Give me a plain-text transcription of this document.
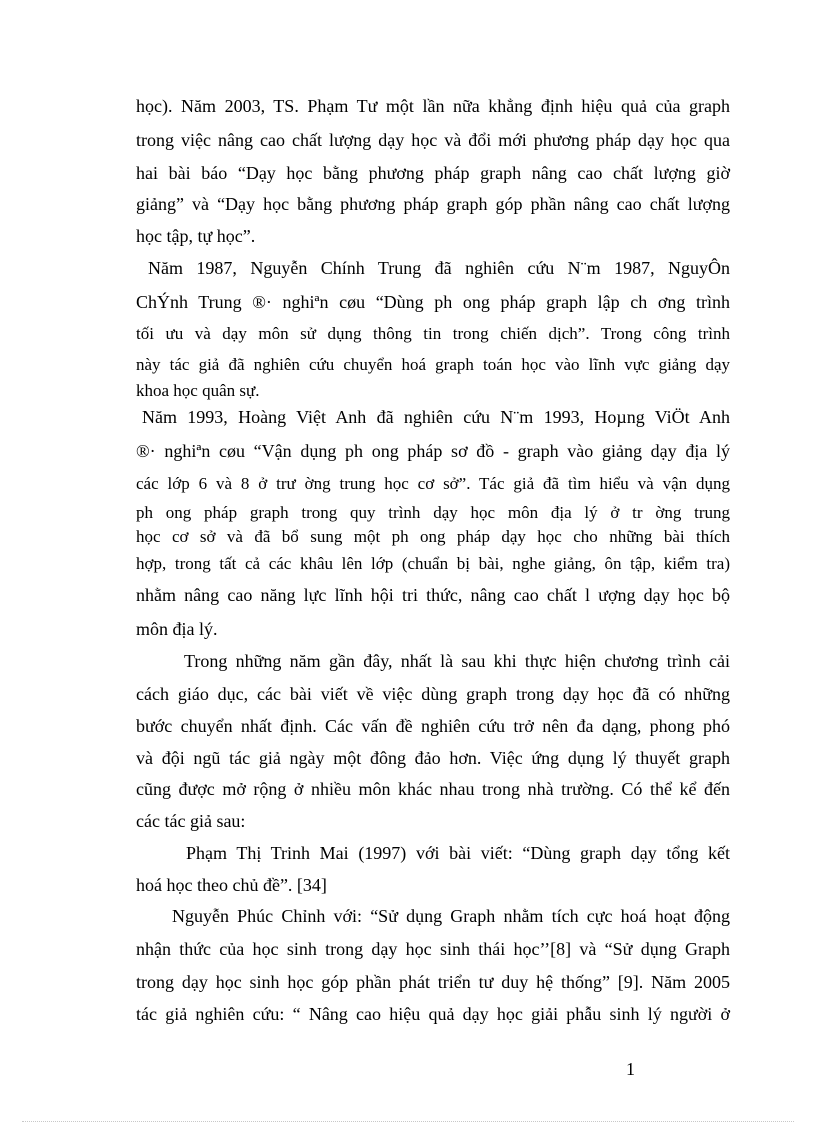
học). Năm 2003, TS. Phạm Tư một lần nữa khẳng định hiệu quả của graph
trong việc nâng cao chất lượng dạy học và đổi mới phương pháp dạy học qua
hai bài báo “Dạy học bằng phương pháp graph nâng cao chất lượng giờ
giảng” và “Dạy học bằng phương pháp graph góp phần nâng cao chất lượng
học tập, tự học”.
Năm 1987, Nguyễn Chính Trung đã nghiên cứu N¨m 1987, NguyÔn
ChÝnh Trung ®· nghiªn cøu “Dùng ph ong pháp graph lập ch ơng trình
tối ưu và dạy môn sử dụng thông tin trong chiến dịch”. Trong công trình
này tác giả đã nghiên cứu chuyển hoá graph toán học vào lĩnh vực giảng dạy
khoa học quân sự.
Năm 1993, Hoàng Việt Anh đã nghiên cứu N¨m 1993, Hoµng ViÖt Anh
®· nghiªn cøu “Vận dụng ph ong pháp sơ đồ - graph vào giảng dạy địa lý
các lớp 6 và 8 ở trư ờng trung học cơ sở”. Tác giả đã tìm hiểu và vận dụng
ph ong pháp graph trong quy trình dạy học môn địa lý ở tr ờng trung
học cơ sở và đã bổ sung một ph ong pháp dạy học cho những bài thích
hợp, trong tất cả các khâu lên lớp (chuẩn bị bài, nghe giảng, ôn tập, kiểm tra)
nhằm nâng cao năng lực lĩnh hội tri thức, nâng cao chất l ượng dạy học bộ
môn địa lý.
Trong những năm gần đây, nhất là sau khi thực hiện chương trình cải
cách giáo dục, các bài viết về việc dùng graph trong dạy học đã có những
bước chuyển nhất định. Các vấn đề nghiên cứu trở nên đa dạng, phong phó
và đội ngũ tác giả ngày một đông đảo hơn. Việc ứng dụng lý thuyết graph
cũng được mở rộng ở nhiều môn khác nhau trong nhà trường. Có thể kể đến
các tác giả sau:
Phạm Thị Trinh Mai (1997) với bài viết: “Dùng graph dạy tổng kết
hoá học theo chủ đề”. [34]
Nguyễn Phúc Chỉnh với: “Sử dụng Graph nhằm tích cực hoá hoạt động
nhận thức của học sinh trong dạy học sinh thái học’’[8] và “Sử dụng Graph
trong dạy học sinh học góp phần phát triển tư duy hệ thống” [9]. Năm 2005
tác giả nghiên cứu: “ Nâng cao hiệu quả dạy học giải phẫu sinh lý người ở
1
